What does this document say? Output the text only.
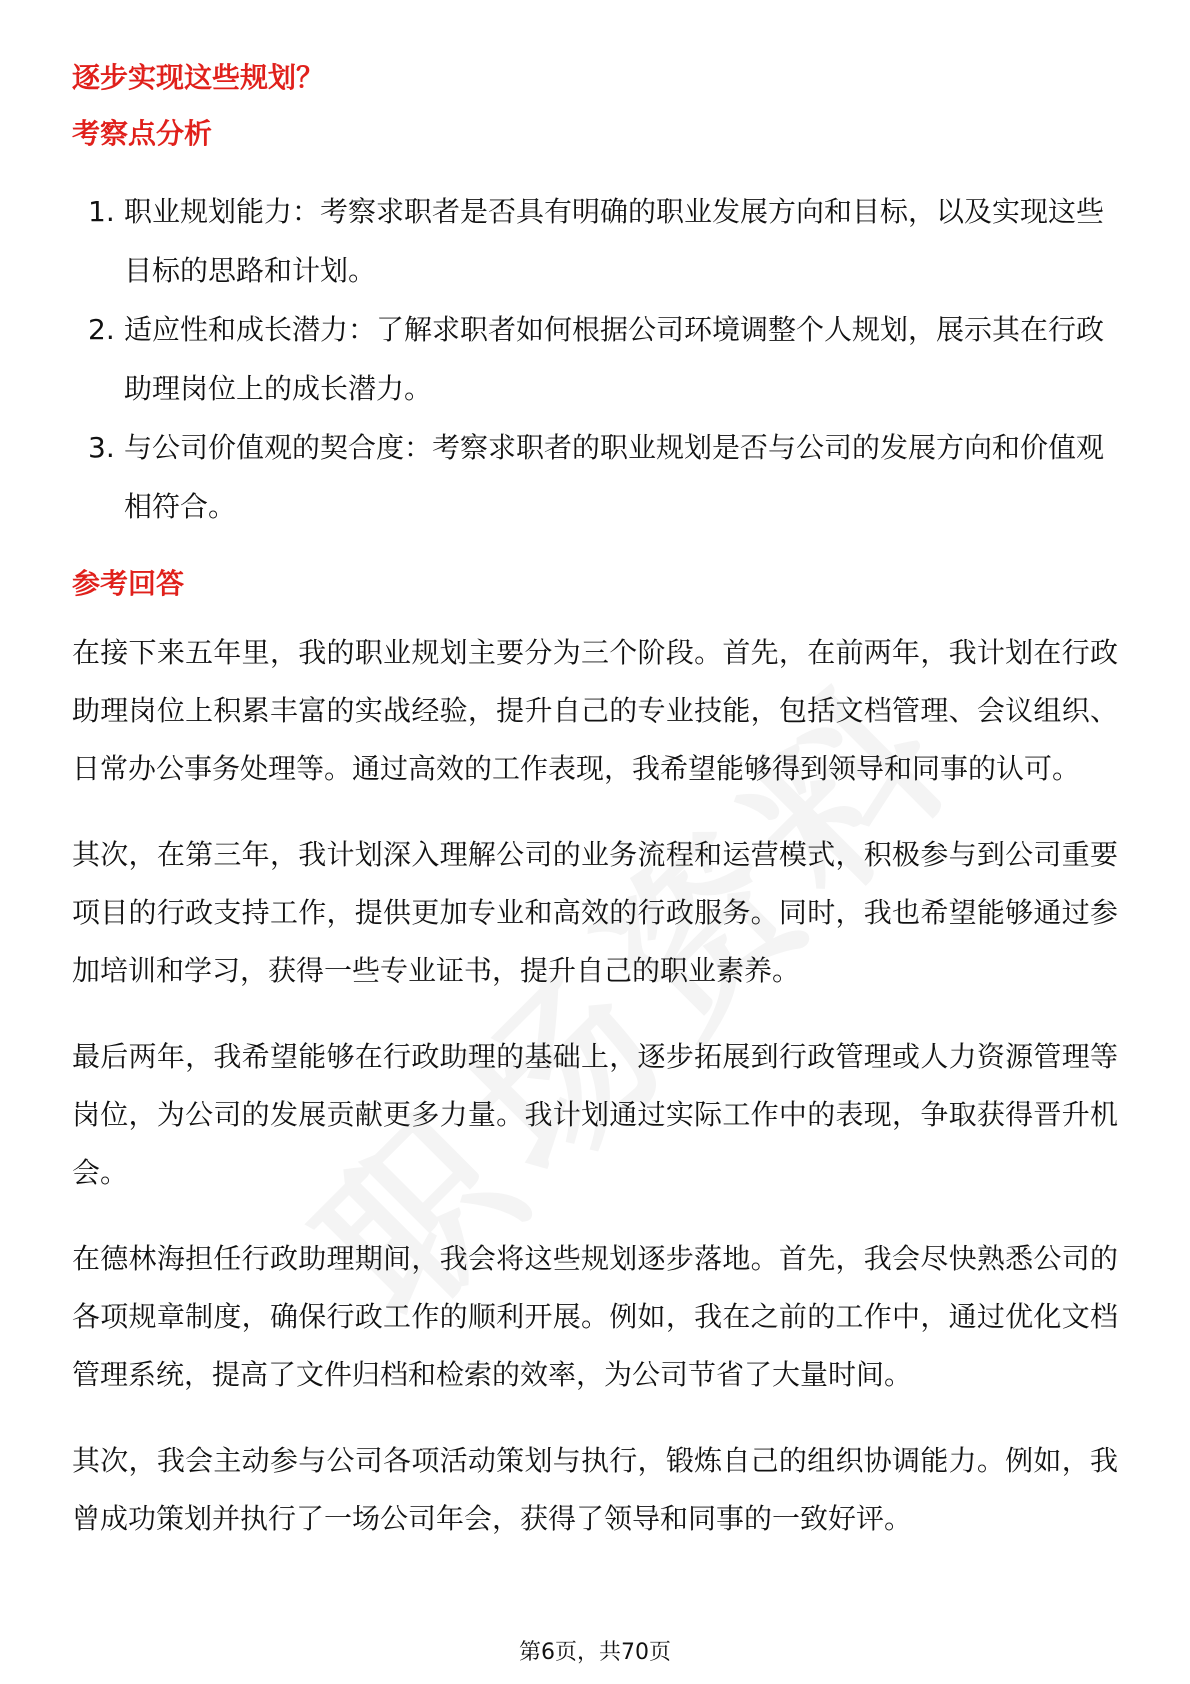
逐步实现这些规划？
考察点分析
1. 职业规划能力：考察求职者是否具有明确的职业发展方向和目标，以及实现这些目标的思路和计划。
2. 适应性和成长潜力：了解求职者如何根据公司环境调整个人规划，展示其在行政助理岗位上的成长潜力。
3. 与公司价值观的契合度：考察求职者的职业规划是否与公司的发展方向和价值观相符合。
参考回答

在接下来五年里，我的职业规划主要分为三个阶段。首先，在前两年，我计划在行政助理岗位上积累丰富的实战经验，提升自己的专业技能，包括文档管理、会议组织、日常办公事务处理等。通过高效的工作表现，我希望能够得到领导和同事的认可。

其次，在第三年，我计划深入理解公司的业务流程和运营模式，积极参与到公司重要项目的行政支持工作，提供更加专业和高效的行政服务。同时，我也希望能够通过参加培训和学习，获得一些专业证书，提升自己的职业素养。

最后两年，我希望能够在行政助理的基础上，逐步拓展到行政管理或人力资源管理等岗位，为公司的发展贡献更多力量。我计划通过实际工作中的表现，争取获得晋升机会。

在德林海担任行政助理期间，我会将这些规划逐步落地。首先，我会尽快熟悉公司的各项规章制度，确保行政工作的顺利开展。例如，我在之前的工作中，通过优化文档管理系统，提高了文件归档和检索的效率，为公司节省了大量时间。

其次，我会主动参与公司各项活动策划与执行，锻炼自己的组织协调能力。例如，我曾成功策划并执行了一场公司年会，获得了领导和同事的一致好评。

第6页，共70页
